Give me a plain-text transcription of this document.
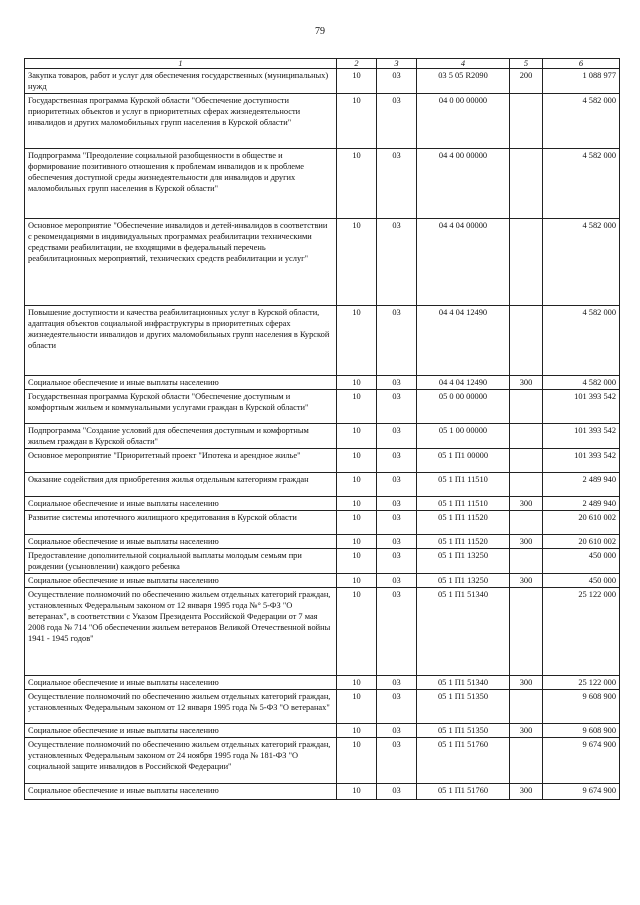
79
1	2	3	4	5	6
Закупка товаров, работ и услуг для обеспечения государственных (муниципальных) нужд	10	03	03 5 05 R2090	200	1 088 977
Государственная программа Курской области "Обеспечение доступности приоритетных объектов и услуг в приоритетных сферах жизнедеятельности инвалидов и других маломобильных групп населения в Курской области"	10	03	04 0 00 00000		4 582 000
Подпрограмма "Преодоление социальной разобщенности в обществе и формирование позитивного отношения к проблемам инвалидов и к проблеме обеспечения доступной среды жизнедеятельности для инвалидов и других маломобильных групп населения в Курской области"	10	03	04 4 00 00000		4 582 000
Основное мероприятие "Обеспечение инвалидов и детей-инвалидов в соответствии с рекомендациями в индивидуальных программах реабилитации техническими средствами реабилитации, не входящими в федеральный перечень реабилитационных мероприятий, технических средств реабилитации и услуг"	10	03	04 4 04 00000		4 582 000
Повышение доступности и качества реабилитационных услуг в Курской области, адаптация объектов социальной инфраструктуры в приоритетных сферах жизнедеятельности инвалидов и других маломобильных групп населения в Курской области	10	03	04 4 04 12490		4 582 000
Социальное обеспечение и иные выплаты населению	10	03	04 4 04 12490	300	4 582 000
Государственная программа Курской области "Обеспечение доступным и комфортным жильем и коммунальными услугами граждан в Курской области"	10	03	05 0 00 00000		101 393 542
Подпрограмма "Создание условий для обеспечения доступным и комфортным жильем граждан в Курской области"	10	03	05 1 00 00000		101 393 542
Основное мероприятие "Приоритетный проект "Ипотека и арендное жилье"	10	03	05 1 П1 00000		101 393 542
Оказание содействия для приобретения жилья отдельным категориям граждан	10	03	05 1 П1 11510		2 489 940
Социальное обеспечение и иные выплаты населению	10	03	05 1 П1 11510	300	2 489 940
Развитие системы ипотечного жилищного кредитования в Курской области	10	03	05 1 П1 11520		20 610 002
Социальное обеспечение и иные выплаты населению	10	03	05 1 П1 11520	300	20 610 002
Предоставление дополнительной социальной выплаты молодым семьям при рождении (усыновлении) каждого ребенка	10	03	05 1 П1 13250		450 000
Социальное обеспечение и иные выплаты населению	10	03	05 1 П1 13250	300	450 000
Осуществление полномочий по обеспечению жильем отдельных категорий граждан, установленных Федеральным законом от 12 января 1995 года №° 5-ФЗ "О ветеранах", в соответствии с Указом Президента Российской Федерации от 7 мая 2008 года № 714 "Об обеспечении жильем ветеранов Великой Отечественной войны 1941 - 1945 годов"	10	03	05 1 П1 51340		25 122 000
Социальное обеспечение и иные выплаты населению	10	03	05 1 П1 51340	300	25 122 000
Осуществление полномочий по обеспечению жильем отдельных категорий граждан, установленных Федеральным законом от 12 января 1995 года № 5-ФЗ "О ветеранах"	10	03	05 1 П1 51350		9 608 900
Социальное обеспечение и иные выплаты населению	10	03	05 1 П1 51350	300	9 608 900
Осуществление полномочий по обеспечению жильем отдельных категорий граждан, установленных Федеральным законом от 24 ноября 1995 года № 181-ФЗ "О социальной защите инвалидов в Российской Федерации"	10	03	05 1 П1 51760		9 674 900
Социальное обеспечение и иные выплаты населению	10	03	05 1 П1 51760	300	9 674 900
